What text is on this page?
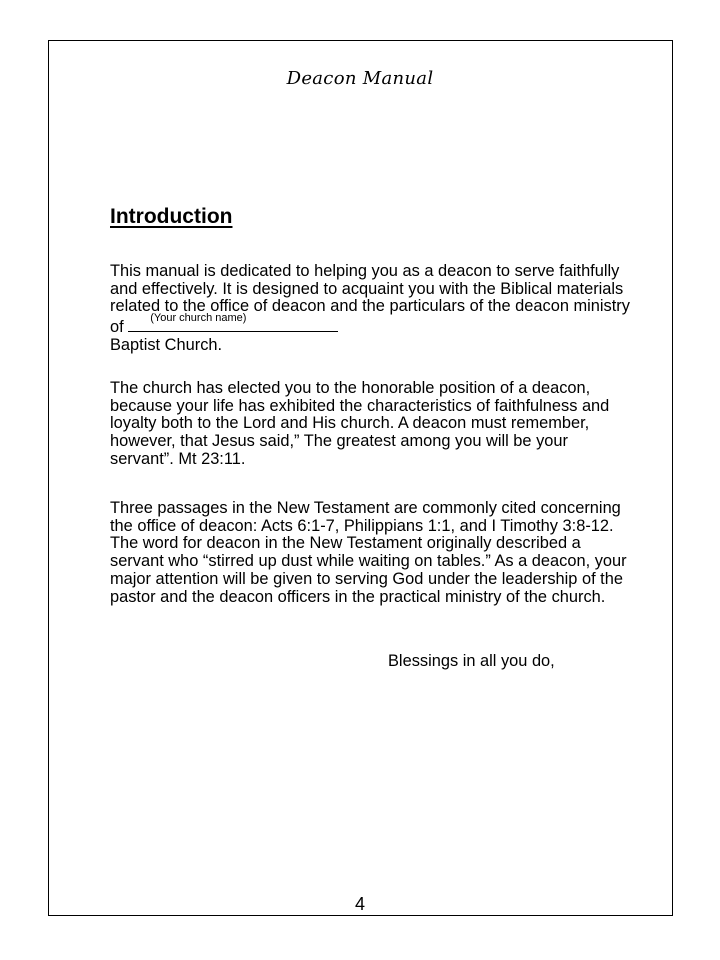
Deacon Manual
Introduction

This manual is dedicated to helping you as a deacon to serve faithfully and effectively. It is designed to acquaint you with the Biblical materials related to the office of deacon and the particulars of the deacon ministry of (Your church name)

Baptist Church.

The church has elected you to the honorable position of a deacon, because your life has exhibited the characteristics of faithfulness and loyalty both to the Lord and His church. A deacon must remember, however, that Jesus said,” The greatest among you will be your servant”. Mt 23:11.

Three passages in the New Testament are commonly cited concerning the office of deacon: Acts 6:1-7, Philippians 1:1, and I Timothy 3:8-12. The word for deacon in the New Testament originally described a servant who “stirred up dust while waiting on tables.” As a deacon, your major attention will be given to serving God under the leadership of the pastor and the deacon officers in the practical ministry of the church.

Blessings in all you do,
4
